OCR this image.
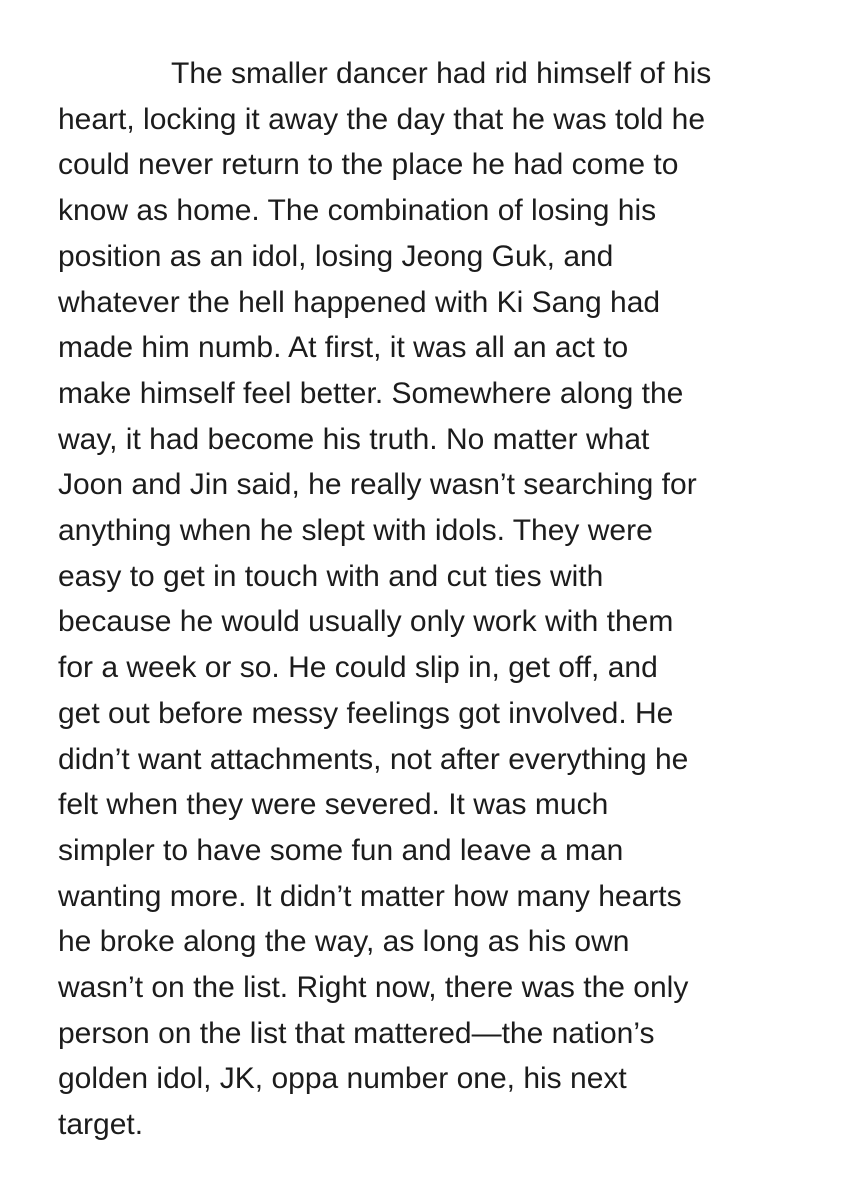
The smaller dancer had rid himself of his
heart, locking it away the day that he was told he
could never return to the place he had come to
know as home. The combination of losing his
position as an idol, losing Jeong Guk, and
whatever the hell happened with Ki Sang had
made him numb. At first, it was all an act to
make himself feel better. Somewhere along the
way, it had become his truth. No matter what
Joon and Jin said, he really wasn’t searching for
anything when he slept with idols. They were
easy to get in touch with and cut ties with
because he would usually only work with them
for a week or so. He could slip in, get off, and
get out before messy feelings got involved. He
didn’t want attachments, not after everything he
felt when they were severed. It was much
simpler to have some fun and leave a man
wanting more. It didn’t matter how many hearts
he broke along the way, as long as his own
wasn’t on the list. Right now, there was the only
person on the list that mattered—the nation’s
golden idol, JK, oppa number one, his next
target.
